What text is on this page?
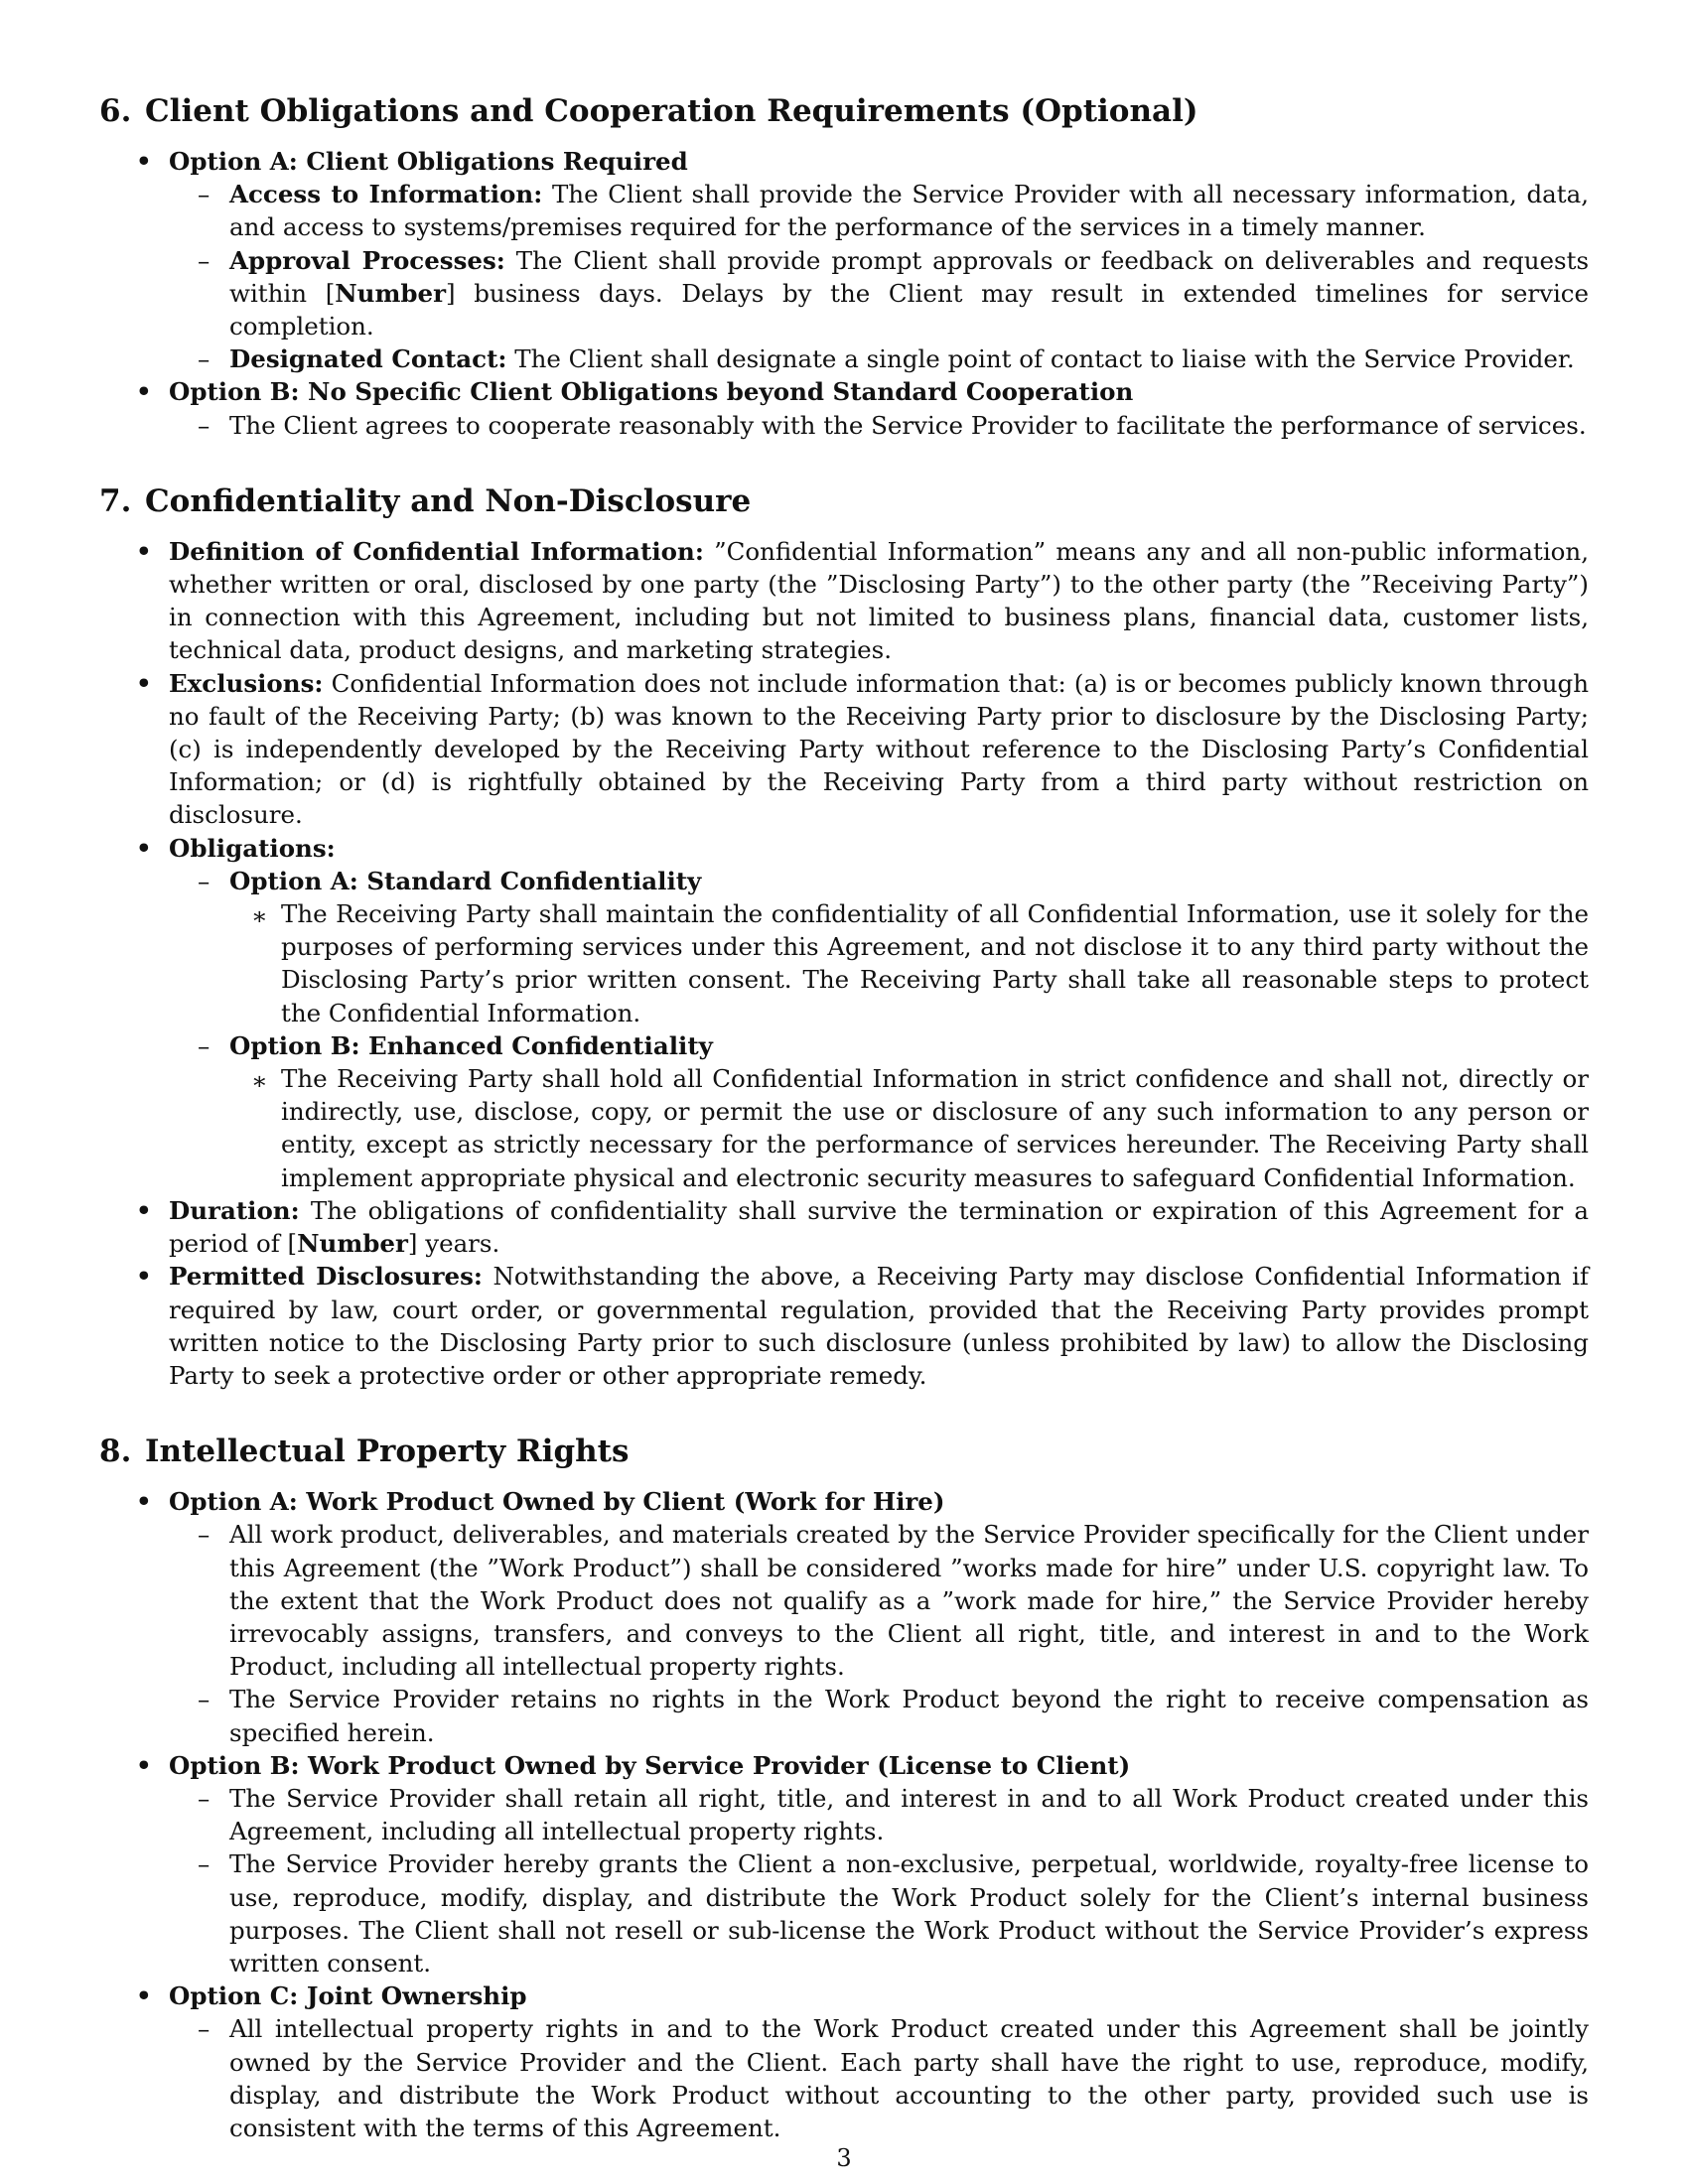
6. Client Obligations and Cooperation Requirements (Optional)
• Option A: Client Obligations Required
– Access to Information: The Client shall provide the Service Provider with all necessary information, data, and access to systems/premises required for the performance of the services in a timely manner.
– Approval Processes: The Client shall provide prompt approvals or feedback on deliverables and requests within [Number] business days. Delays by the Client may result in extended timelines for service completion.
– Designated Contact: The Client shall designate a single point of contact to liaise with the Service Provider.
• Option B: No Specific Client Obligations beyond Standard Cooperation
– The Client agrees to cooperate reasonably with the Service Provider to facilitate the performance of services.
7. Confidentiality and Non-Disclosure
• Definition of Confidential Information: ”Confidential Information” means any and all non-public information, whether written or oral, disclosed by one party (the ”Disclosing Party”) to the other party (the ”Receiving Party”) in connection with this Agreement, including but not limited to business plans, financial data, customer lists, technical data, product designs, and marketing strategies.
• Exclusions: Confidential Information does not include information that: (a) is or becomes publicly known through no fault of the Receiving Party; (b) was known to the Receiving Party prior to disclosure by the Disclosing Party; (c) is independently developed by the Receiving Party without reference to the Disclosing Party’s Confidential Information; or (d) is rightfully obtained by the Receiving Party from a third party without restriction on disclosure.
• Obligations:
– Option A: Standard Confidentiality
∗ The Receiving Party shall maintain the confidentiality of all Confidential Information, use it solely for the purposes of performing services under this Agreement, and not disclose it to any third party without the Disclosing Party’s prior written consent. The Receiving Party shall take all reasonable steps to protect the Confidential Information.
– Option B: Enhanced Confidentiality
∗ The Receiving Party shall hold all Confidential Information in strict confidence and shall not, directly or indirectly, use, disclose, copy, or permit the use or disclosure of any such information to any person or entity, except as strictly necessary for the performance of services hereunder. The Receiving Party shall implement appropriate physical and electronic security measures to safeguard Confidential Information.
• Duration: The obligations of confidentiality shall survive the termination or expiration of this Agreement for a period of [Number] years.
• Permitted Disclosures: Notwithstanding the above, a Receiving Party may disclose Confidential Information if required by law, court order, or governmental regulation, provided that the Receiving Party provides prompt written notice to the Disclosing Party prior to such disclosure (unless prohibited by law) to allow the Disclosing Party to seek a protective order or other appropriate remedy.
8. Intellectual Property Rights
• Option A: Work Product Owned by Client (Work for Hire)
– All work product, deliverables, and materials created by the Service Provider specifically for the Client under this Agreement (the ”Work Product”) shall be considered ”works made for hire” under U.S. copyright law. To the extent that the Work Product does not qualify as a ”work made for hire,” the Service Provider hereby irrevocably assigns, transfers, and conveys to the Client all right, title, and interest in and to the Work Product, including all intellectual property rights.
– The Service Provider retains no rights in the Work Product beyond the right to receive compensation as specified herein.
• Option B: Work Product Owned by Service Provider (License to Client)
– The Service Provider shall retain all right, title, and interest in and to all Work Product created under this Agreement, including all intellectual property rights.
– The Service Provider hereby grants the Client a non-exclusive, perpetual, worldwide, royalty-free license to use, reproduce, modify, display, and distribute the Work Product solely for the Client’s internal business purposes. The Client shall not resell or sub-license the Work Product without the Service Provider’s express written consent.
• Option C: Joint Ownership
– All intellectual property rights in and to the Work Product created under this Agreement shall be jointly owned by the Service Provider and the Client. Each party shall have the right to use, reproduce, modify, display, and distribute the Work Product without accounting to the other party, provided such use is consistent with the terms of this Agreement.
3
